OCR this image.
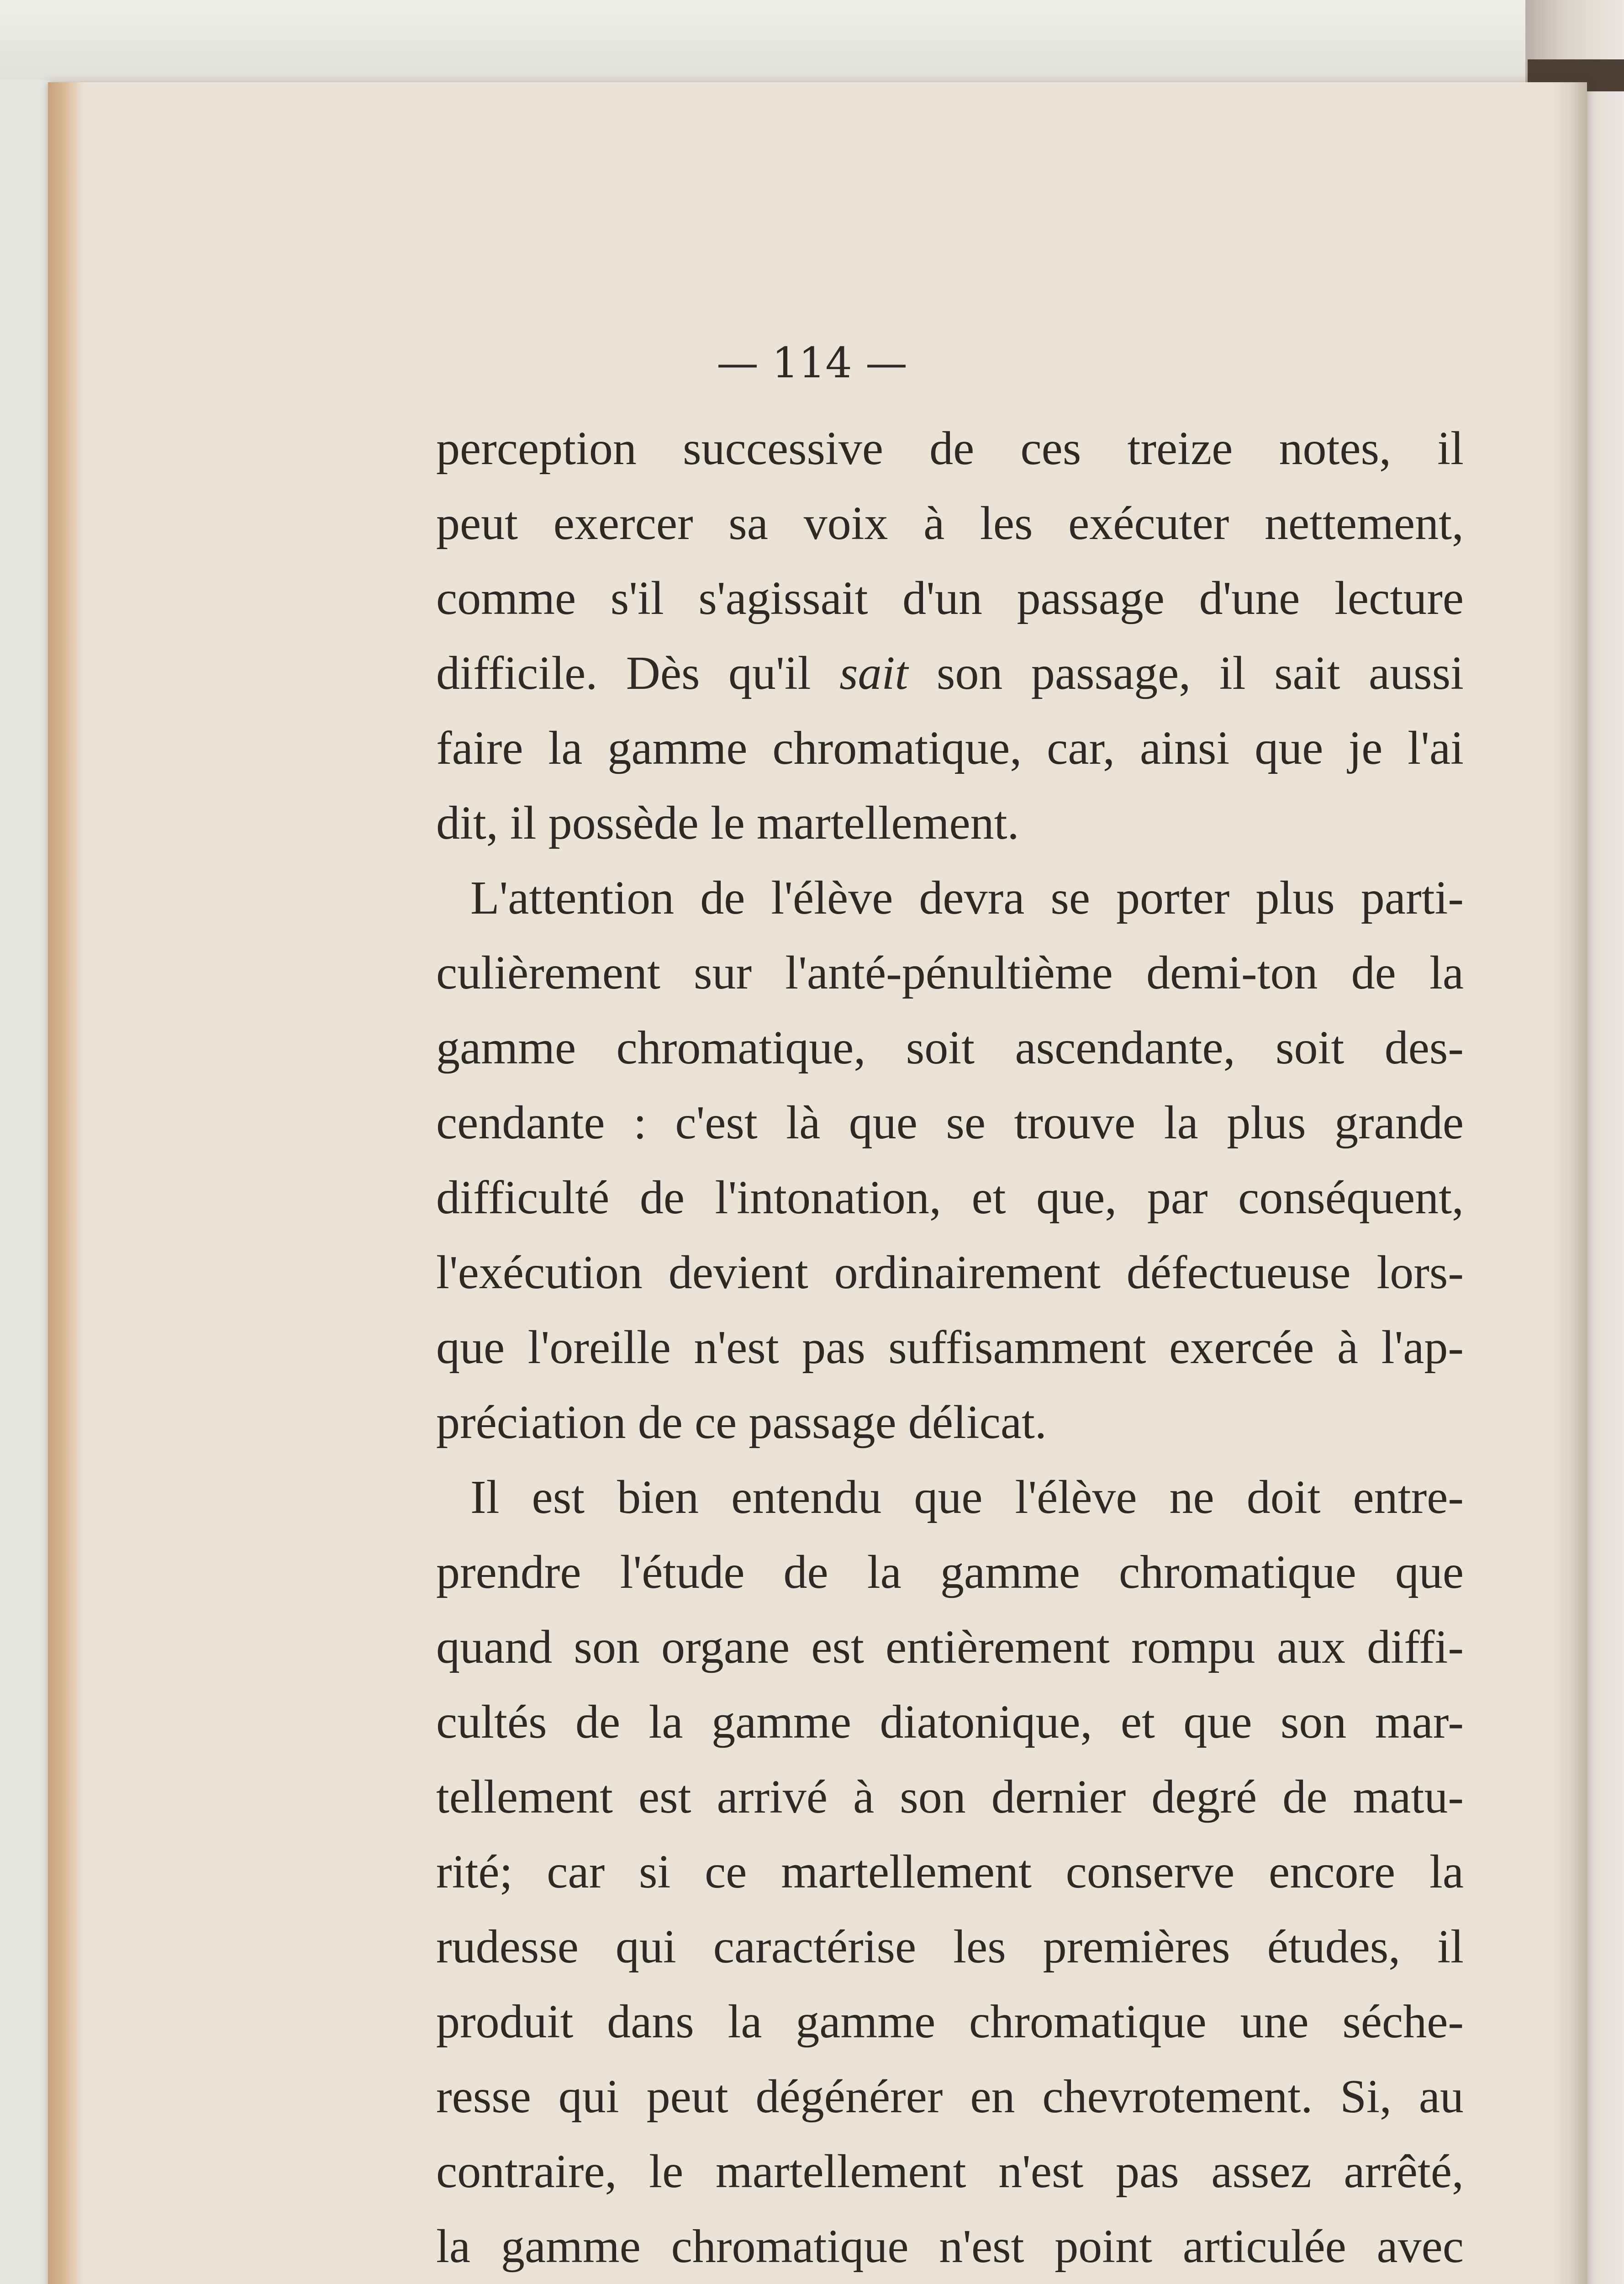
— 114 —
perception successive de ces treize notes, il
peut exercer sa voix à les exécuter nettement,
comme s'il s'agissait d'un passage d'une lecture
difficile. Dès qu'il sait son passage, il sait aussi
faire la gamme chromatique, car, ainsi que je l'ai
dit, il possède le martellement.
L'attention de l'élève devra se porter plus parti-
culièrement sur l'anté-pénultième demi-ton de la
gamme chromatique, soit ascendante, soit des-
cendante : c'est là que se trouve la plus grande
difficulté de l'intonation, et que, par conséquent,
l'exécution devient ordinairement défectueuse lors-
que l'oreille n'est pas suffisamment exercée à l'ap-
préciation de ce passage délicat.
Il est bien entendu que l'élève ne doit entre-
prendre l'étude de la gamme chromatique que
quand son organe est entièrement rompu aux diffi-
cultés de la gamme diatonique, et que son mar-
tellement est arrivé à son dernier degré de matu-
rité; car si ce martellement conserve encore la
rudesse qui caractérise les premières études, il
produit dans la gamme chromatique une séche-
resse qui peut dégénérer en chevrotement. Si, au
contraire, le martellement n'est pas assez arrêté,
la gamme chromatique n'est point articulée avec
